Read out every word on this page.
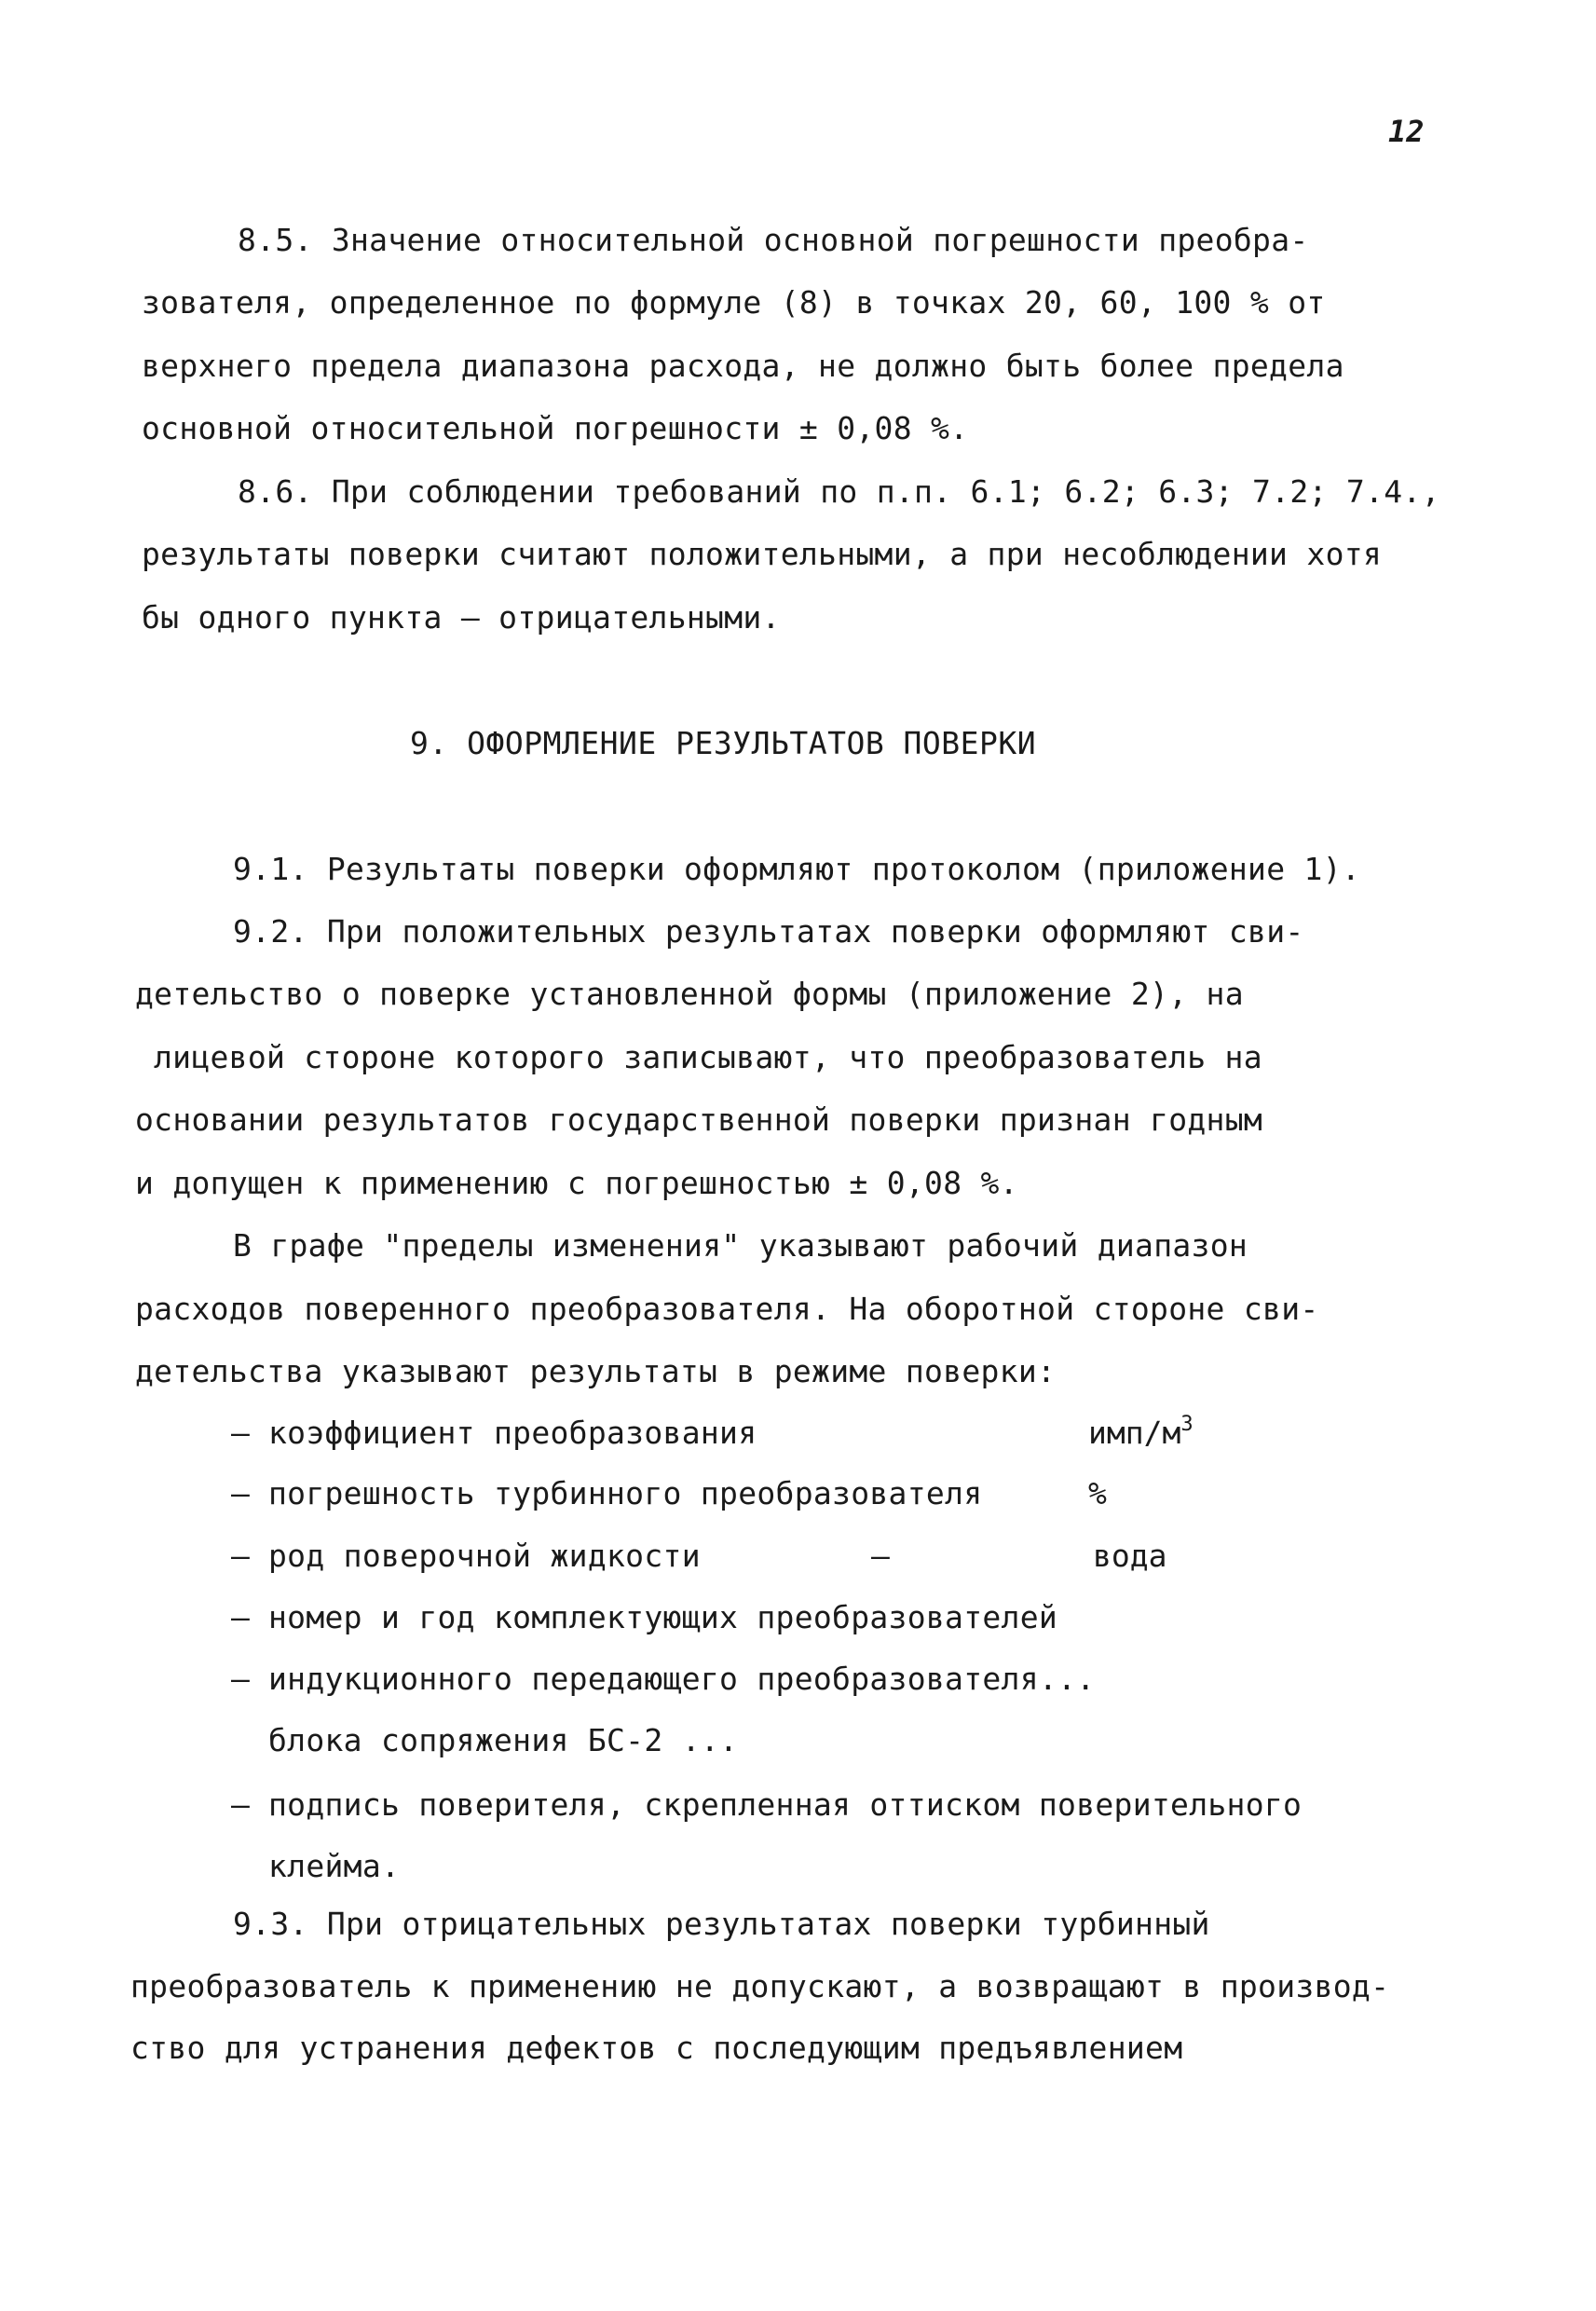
12
8.5. Значение относительной основной погрешности преобра-
зователя, определенное по формуле (8) в точках 20, 60, 100 % от
верхнего предела диапазона расхода, не должно быть более предела
основной относительной погрешности ± 0,08 %.
8.6. При соблюдении требований по п.п. 6.1; 6.2; 6.3; 7.2; 7.4.,
результаты поверки считают положительными, а при несоблюдении хотя
бы одного пункта – отрицательными.
9. ОФОРМЛЕНИЕ РЕЗУЛЬТАТОВ ПОВЕРКИ
9.1. Результаты поверки оформляют протоколом (приложение 1).
9.2. При положительных результатах поверки оформляют сви-
детельство о поверке установленной формы (приложение 2), на
лицевой стороне которого записывают, что преобразователь на
основании результатов государственной поверки признан годным
и допущен к применению с погрешностью ± 0,08 %.
В графе "пределы изменения" указывают рабочий диапазон
расходов поверенного преобразователя. На оборотной стороне сви-
детельства указывают результаты в режиме поверки:
– коэффициент преобразования	имп/$м^3$
– погрешность турбинного преобразователя	%
– род поверочной жидкости	–	вода
– номер и год комплектующих преобразователей
– индукционного передающего преобразователя...
блока сопряжения БС-2 ...
– подпись поверителя, скрепленная оттиском поверительного
клейма.
9.3. При отрицательных результатах поверки турбинный
преобразователь к применению не допускают, а возвращают в производ-
ство для устранения дефектов с последующим предъявлением
